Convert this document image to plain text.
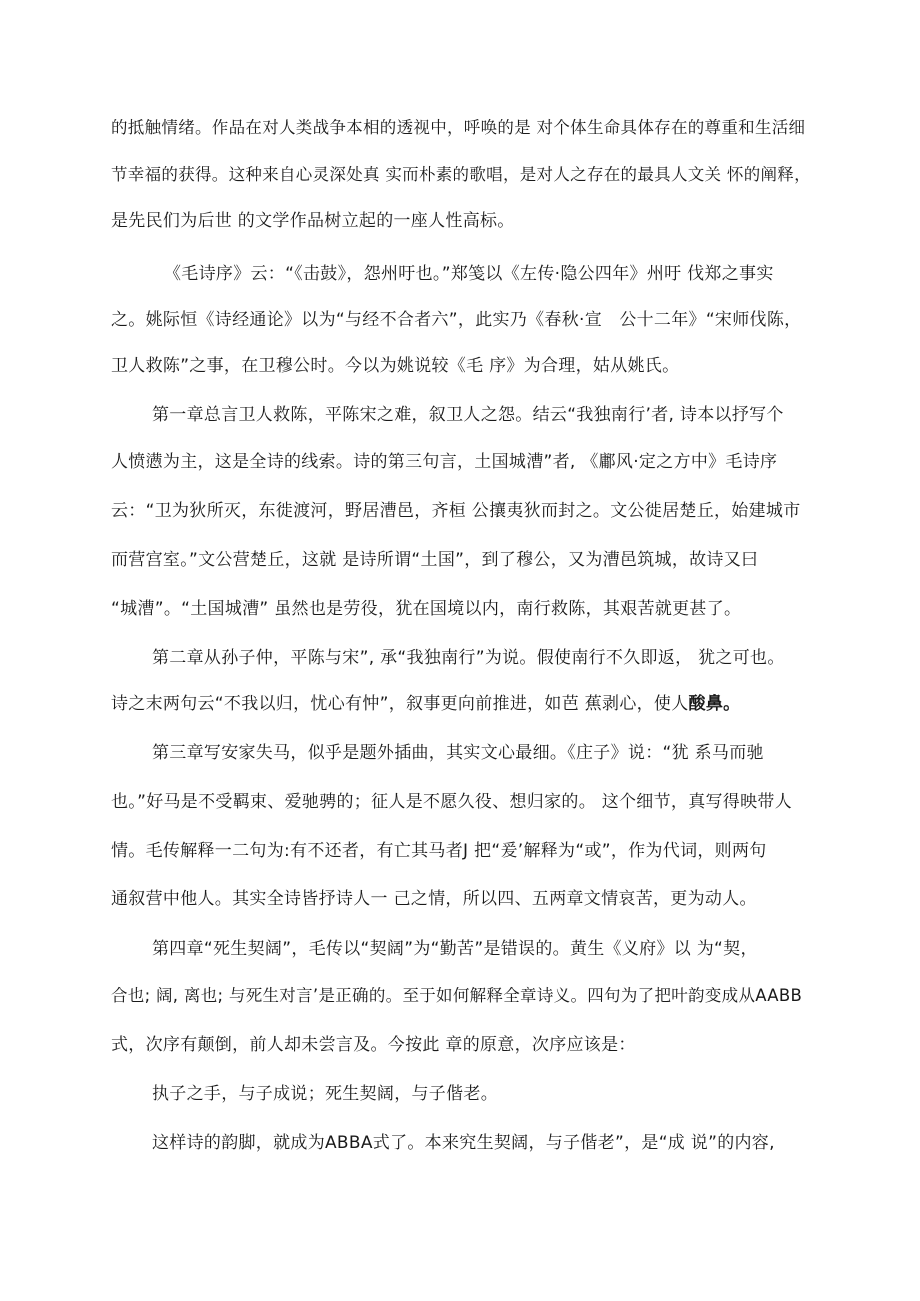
的抵触情绪。作品在对人类战争本相的透视中，呼唤的是 对个体生命具体存在的尊重和生活细
节幸福的获得。这种来自心灵深处真 实而朴素的歌唱，是对人之存在的最具人文关 怀的阐释，
是先民们为后世 的文学作品树立起的一座人性高标。
《毛诗序》云：“《击鼓》，怨州吁也。”郑笺以《左传·隐公四年》州吁 伐郑之事实
之。姚际恒《诗经通论》以为“与经不合者六”，此实乃《春秋·宣　公十二年》“宋师伐陈，
卫人救陈”之事，在卫穆公时。今以为姚说较《毛 序》为合理，姑从姚氏。
第一章总言卫人救陈，平陈宋之难，叙卫人之怨。结云“我独南行’者, 诗本以抒写个
人愤懑为主，这是全诗的线索。诗的第三句言，土国城漕”者, 《鄘风·定之方中》毛诗序
云：“卫为狄所灭，东徙渡河，野居漕邑，齐桓 公攘夷狄而封之。文公徙居楚丘，始建城市
而营宫室。”文公营楚丘，这就 是诗所谓“土国”，到了穆公，又为漕邑筑城，故诗又曰
“城漕”。“土国城漕” 虽然也是劳役，犹在国境以内，南行救陈，其艰苦就更甚了。
第二章从孙子仲，平陈与宋”, 承“我独南行”为说。假使南行不久即返， 犹之可也。
诗之末两句云“不我以归，忧心有忡”，叙事更向前推进，如芭 蕉剥心，使人酸鼻。
第三章写安家失马，似乎是题外插曲，其实文心最细。《庄子》说：“犹 系马而驰
也。”好马是不受羁束、爱驰骋的；征人是不愿久役、想归家的。 这个细节，真写得映带人
情。毛传解释一二句为:有不还者，有亡其马者J 把“爰’解释为“或”，作为代词，则两句
通叙营中他人。其实全诗皆抒诗人一 己之情，所以四、五两章文情哀苦，更为动人。
第四章“死生契阔”，毛传以“契阔”为“勤苦”是错误的。黄生《义府》以 为“契，
合也; 阔, 离也; 与死生对言’是正确的。至于如何解释全章诗义。四句为了把叶韵变成从AABB
式，次序有颠倒，前人却未尝言及。今按此 章的原意，次序应该是：
执子之手，与子成说；死生契阔，与子偕老。
这样诗的韵脚，就成为ABBA式了。本来究生契阔，与子偕老”，是“成 说”的内容,
